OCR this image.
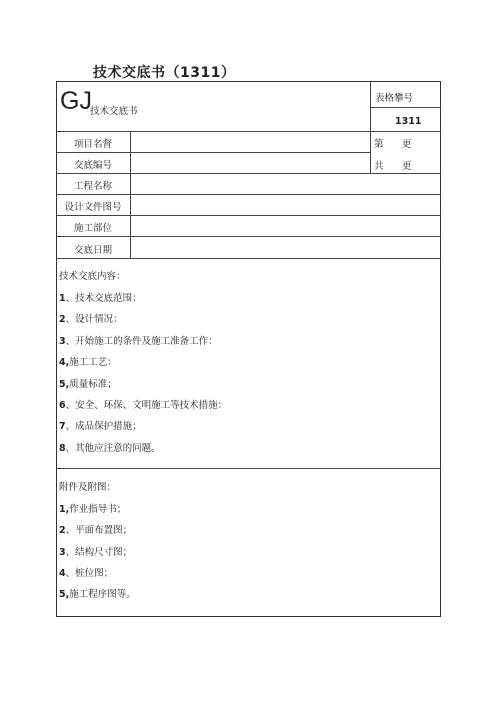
技术交底书（1311）
GJ
技术交底书
表格攀号
1311
第 更
共 更
项目名督
交底编号
工程名称
设计文件图号
施工部位
交底日期
技术交底内容：
1、技术交底范围：
2、设计情况：
3、开始施工的条件及施工准备工作：
4,施工工艺：
5,质量标准；
6、安全、环保、文明施工等技术措施：
7、成品保护措施；
8、其他应注意的问题。
附件及附图：
1,作业指导书；
2、平面布置图；
3、结构尺寸图；
4、桩位图；
5,施工程序图等。
